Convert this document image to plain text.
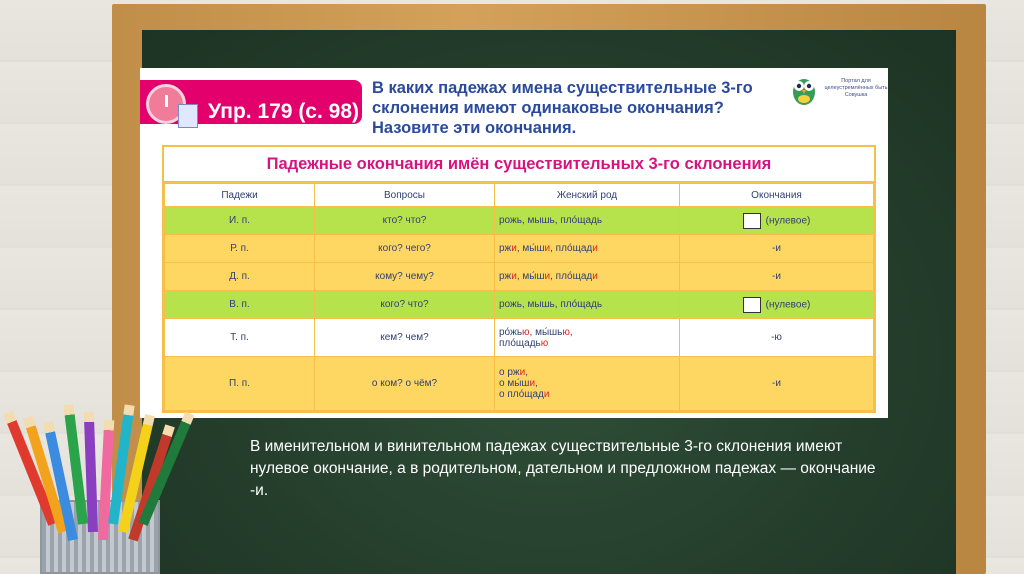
Упр. 179 (с. 98)
В каких падежах имена существительные 3-го склонения имеют одинаковые окончания? Назовите эти окончания.
Портал для целеустремлённых быть Совушка
Падежные окончания имён существительных 3-го склонения
Падежи	Вопросы	Женский род	Окончания
И. п.	кто? что?	рожь, мышь, пло́щадь	(нулевое)
Р. п.	кого? чего?	ржи, мы́ши, пло́щади	-и
Д. п.	кому? чему?	ржи, мы́ши, пло́щади	-и
В. п.	кого? что?	рожь, мышь, пло́щадь	(нулевое)
Т. п.	кем? чем?	ро́жью, мы́шью,
пло́щадью	-ю
П. п.	о ком? о чём?	о ржи,
о мы́ши,
о пло́щади	-и
В именительном и винительном падежах существительные 3-го склонения имеют нулевое окончание, а в родительном, дательном и предложном падежах — окончание -и.
